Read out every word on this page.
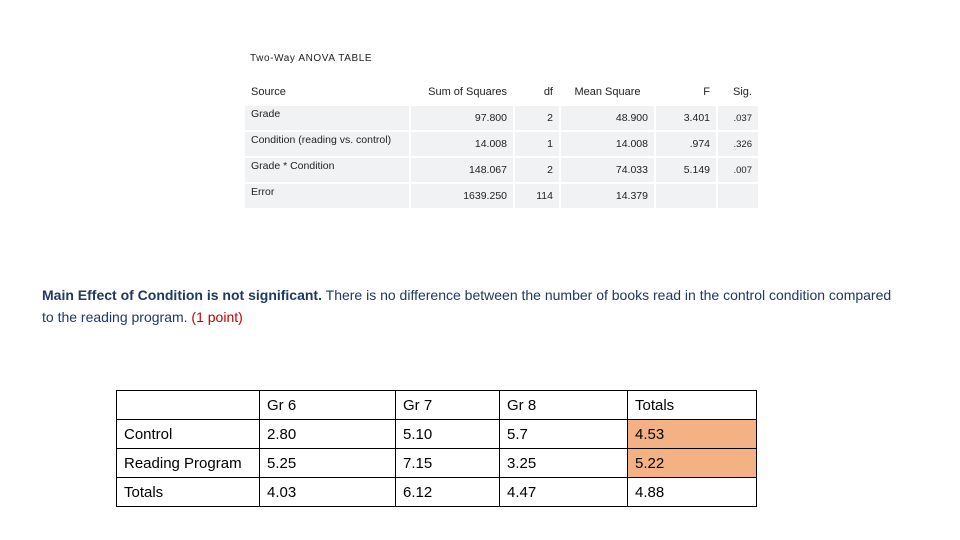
Two-Way ANOVA TABLE
Source	Sum of Squares	df	Mean Square	F	Sig.
Grade	97.800	2	48.900	3.401	.037
Condition (reading vs. control)	14.008	1	14.008	.974	.326
Grade * Condition	148.067	2	74.033	5.149	.007
Error	1639.250	114	14.379		
Main Effect of Condition is not significant. There is no difference between the number of books read in the control condition compared to the reading program. (1 point)
	Gr 6	Gr 7	Gr 8	Totals
Control	2.80	5.10	5.7	4.53
Reading Program	5.25	7.15	3.25	5.22
Totals	4.03	6.12	4.47	4.88
